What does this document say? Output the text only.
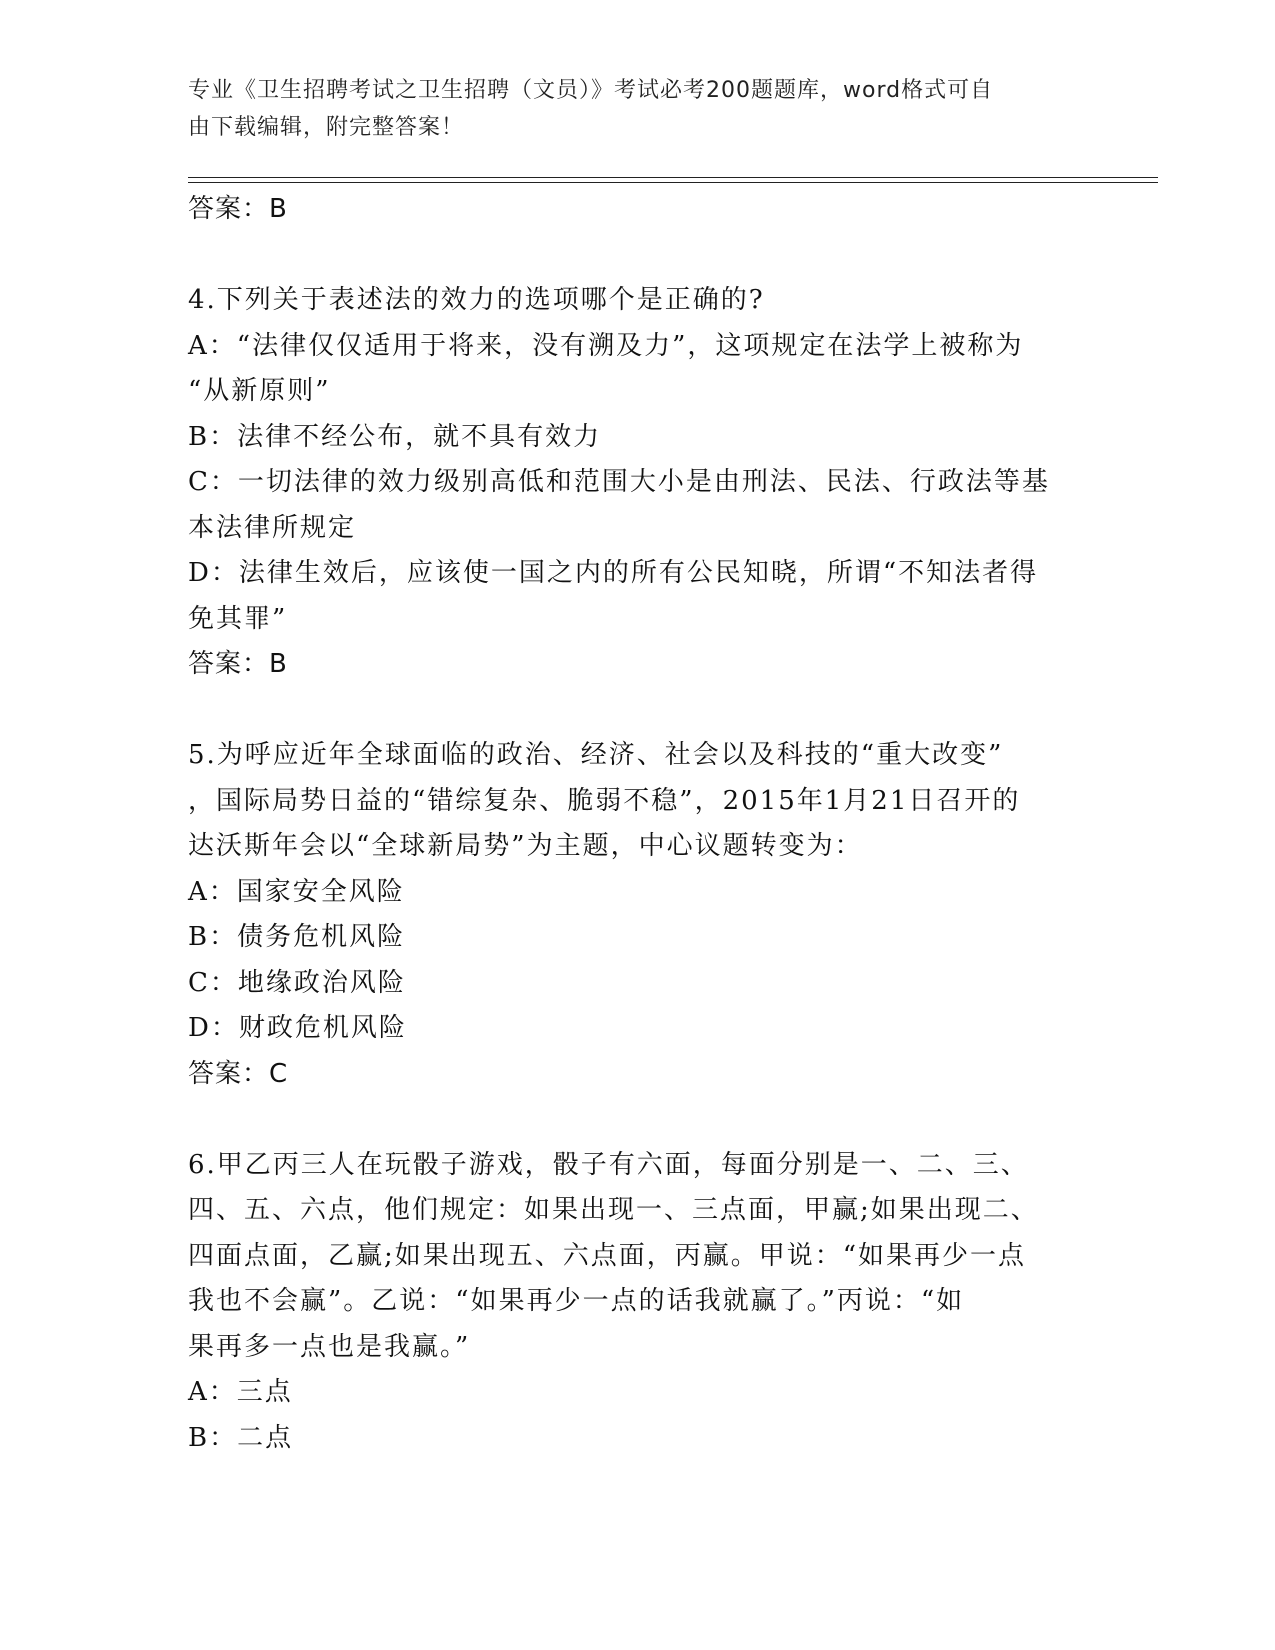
专业《卫生招聘考试之卫生招聘（文员）》考试必考200题题库，word格式可自
由下载编辑，附完整答案！
答案：B
4.下列关于表述法的效力的选项哪个是正确的?
A：“法律仅仅适用于将来，没有溯及力”，这项规定在法学上被称为
“从新原则”
B：法律不经公布，就不具有效力
C：一切法律的效力级别高低和范围大小是由刑法、民法、行政法等基
本法律所规定
D：法律生效后，应该使一国之内的所有公民知晓，所谓“不知法者得
免其罪”
答案：B
5.为呼应近年全球面临的政治、经济、社会以及科技的“重大改变”
，国际局势日益的“错综复杂、脆弱不稳”，2015年1月21日召开的
达沃斯年会以“全球新局势”为主题，中心议题转变为：
A：国家安全风险
B：债务危机风险
C：地缘政治风险
D：财政危机风险
答案：C
6.甲乙丙三人在玩骰子游戏，骰子有六面，每面分别是一、二、三、
四、五、六点，他们规定：如果出现一、三点面，甲赢;如果出现二、
四面点面，乙赢;如果出现五、六点面，丙赢。甲说：“如果再少一点
我也不会赢”。乙说：“如果再少一点的话我就赢了。”丙说：“如
果再多一点也是我赢。”
A：三点
B：二点
